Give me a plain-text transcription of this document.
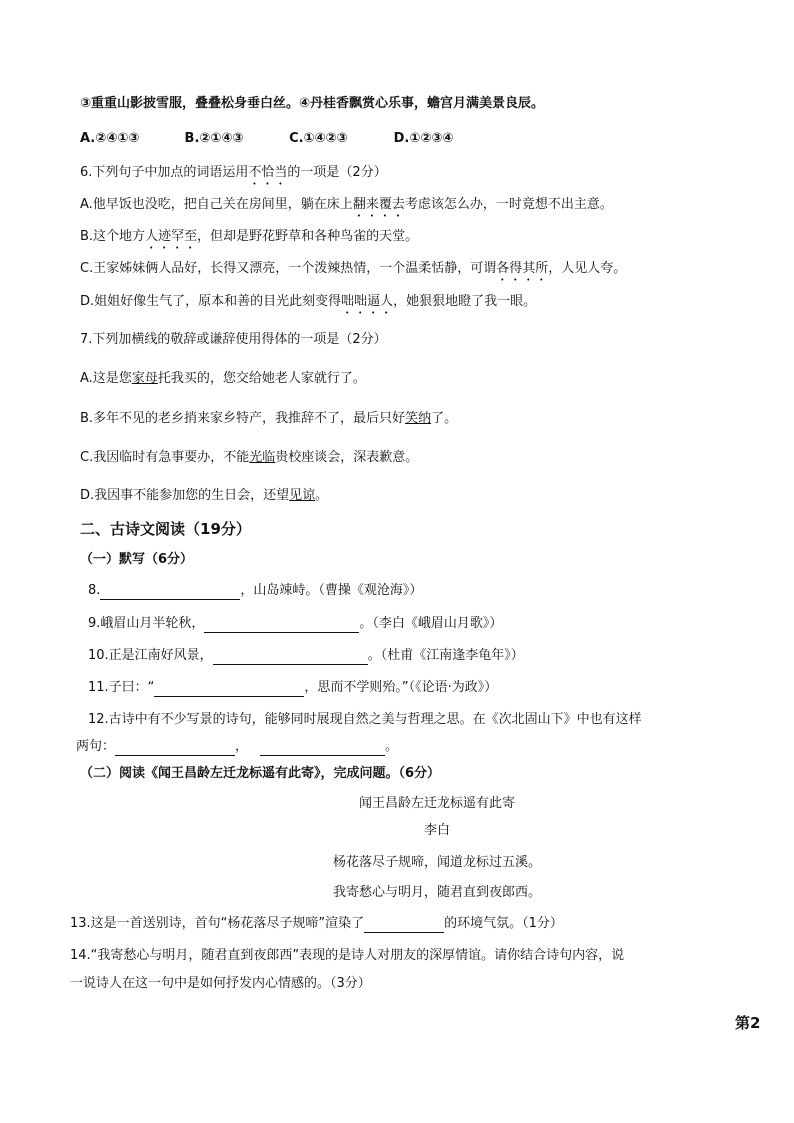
③重重山影披雪服，叠叠松身垂白丝。④丹桂香飘赏心乐事，蟾宫月满美景良辰。
A.②④①③	B.②①④③	C.①④②③	D.①②③④
6.下列句子中加点的词语运用不恰当的一项是（2分）
A.他早饭也没吃，把自己关在房间里，躺在床上翻来覆去考虑该怎么办，一时竟想不出主意。
B.这个地方人迹罕至，但却是野花野草和各种鸟雀的天堂。
C.王家姊妹俩人品好，长得又漂亮，一个泼辣热情，一个温柔恬静，可谓各得其所，人见人夸。
D.姐姐好像生气了，原本和善的目光此刻变得咄咄逼人，她狠狠地瞪了我一眼。
7.下列加横线的敬辞或谦辞使用得体的一项是（2分）
A.这是您家母托我买的，您交给她老人家就行了。
B.多年不见的老乡捎来家乡特产，我推辞不了，最后只好笑纳了。
C.我因临时有急事要办，不能光临贵校座谈会，深表歉意。
D.我因事不能参加您的生日会，还望见谅。
二、古诗文阅读（19分）
（一）默写（6分）
8.	，山岛竦峙。（曹操《观沧海》）
9.峨眉山月半轮秋，	。（李白《峨眉山月歌》）
10.正是江南好风景，	。（杜甫《江南逢李龟年》）
11.子曰：“	，思而不学则殆。”（《论语·为政》）
12.古诗中有不少写景的诗句，能够同时展现自然之美与哲理之思。在《次北固山下》中也有这样
两句：	，	。
（二）阅读《闻王昌龄左迁龙标遥有此寄》，完成问题。（6分）
闻王昌龄左迁龙标遥有此寄
李白
杨花落尽子规啼，闻道龙标过五溪。
我寄愁心与明月，随君直到夜郎西。
13.这是一首送别诗，首句“杨花落尽子规啼”渲染了	的环境气氛。（1分）
14.“我寄愁心与明月，随君直到夜郎西”表现的是诗人对朋友的深厚情谊。请你结合诗句内容，说
一说诗人在这一句中是如何抒发内心情感的。（3分）
第2
